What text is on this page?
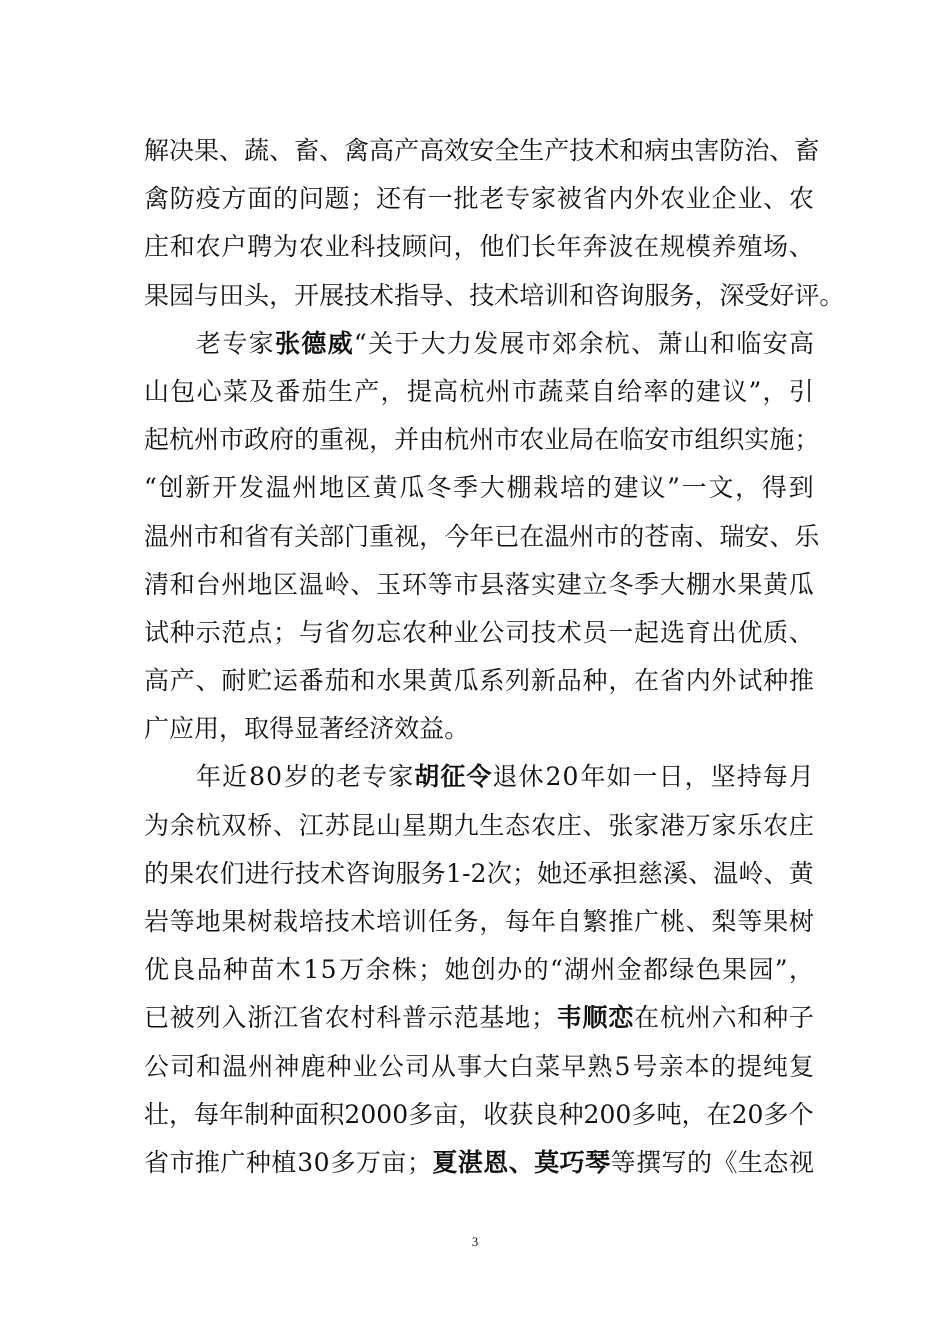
解 决 果 、 蔬 、 畜 、 禽 高 产 高 效 安 全 生 产 技 术 和 病 虫 害 防 治 、 畜
禽 防 疫 方 面 的 问 题 ； 还 有 一 批 老 专 家 被 省 内 外 农 业 企 业 、 农
庄 和 农 户 聘 为 农 业 科 技 顾 问 ， 他 们 长 年 奔 波 在 规 模 养 殖 场 、
果 园 与 田 头 ， 开 展 技 术 指 导 、 技 术 培 训 和 咨 询 服 务 ， 深 受 好 评 。
老 专 家 张 德 威 “ 关 于 大 力 发 展 市 郊 余 杭 、 萧 山 和 临 安 高
山 包 心 菜 及 番 茄 生 产 ， 提 高 杭 州 市 蔬 菜 自 给 率 的 建 议 ” ， 引
起 杭 州 市 政 府 的 重 视 ， 并 由 杭 州 市 农 业 局 在 临 安 市 组 织 实 施 ；
“ 创 新 开 发 温 州 地 区 黄 瓜 冬 季 大 棚 栽 培 的 建 议 ” 一 文 ， 得 到
温 州 市 和 省 有 关 部 门 重 视 ， 今 年 已 在 温 州 市 的 苍 南 、 瑞 安 、 乐
清 和 台 州 地 区 温 岭 、 玉 环 等 市 县 落 实 建 立 冬 季 大 棚 水 果 黄 瓜
试 种 示 范 点 ； 与 省 勿 忘 农 种 业 公 司 技 术 员 一 起 选 育 出 优 质 、
高 产 、 耐 贮 运 番 茄 和 水 果 黄 瓜 系 列 新 品 种 ， 在 省 内 外 试 种 推
广 应 用 ， 取 得 显 著 经 济 效 益 。
年 近 8 0 岁 的 老 专 家 胡 征 令 退 休 2 0 年 如 一 日 ， 坚 持 每 月
为 余 杭 双 桥 、 江 苏 昆 山 星 期 九 生 态 农 庄 、 张 家 港 万 家 乐 农 庄
的 果 农 们 进 行 技 术 咨 询 服 务 1 - 2 次 ； 她 还 承 担 慈 溪 、 温 岭 、 黄
岩 等 地 果 树 栽 培 技 术 培 训 任 务 ， 每 年 自 繁 推 广 桃 、 梨 等 果 树
优 良 品 种 苗 木 1 5 万 余 株 ； 她 创 办 的 “ 湖 州 金 都 绿 色 果 园 ” ，
已 被 列 入 浙 江 省 农 村 科 普 示 范 基 地 ； 韦 顺 恋 在 杭 州 六 和 种 子
公 司 和 温 州 神 鹿 种 业 公 司 从 事 大 白 菜 早 熟 5 号 亲 本 的 提 纯 复
壮 ， 每 年 制 种 面 积 2 0 0 0 多 亩 ， 收 获 良 种 2 0 0 多 吨 ， 在 2 0 多 个
省 市 推 广 种 植 3 0 多 万 亩 ； 夏 湛 恩 、 莫 巧 琴 等 撰 写 的 《 生 态 视
3
